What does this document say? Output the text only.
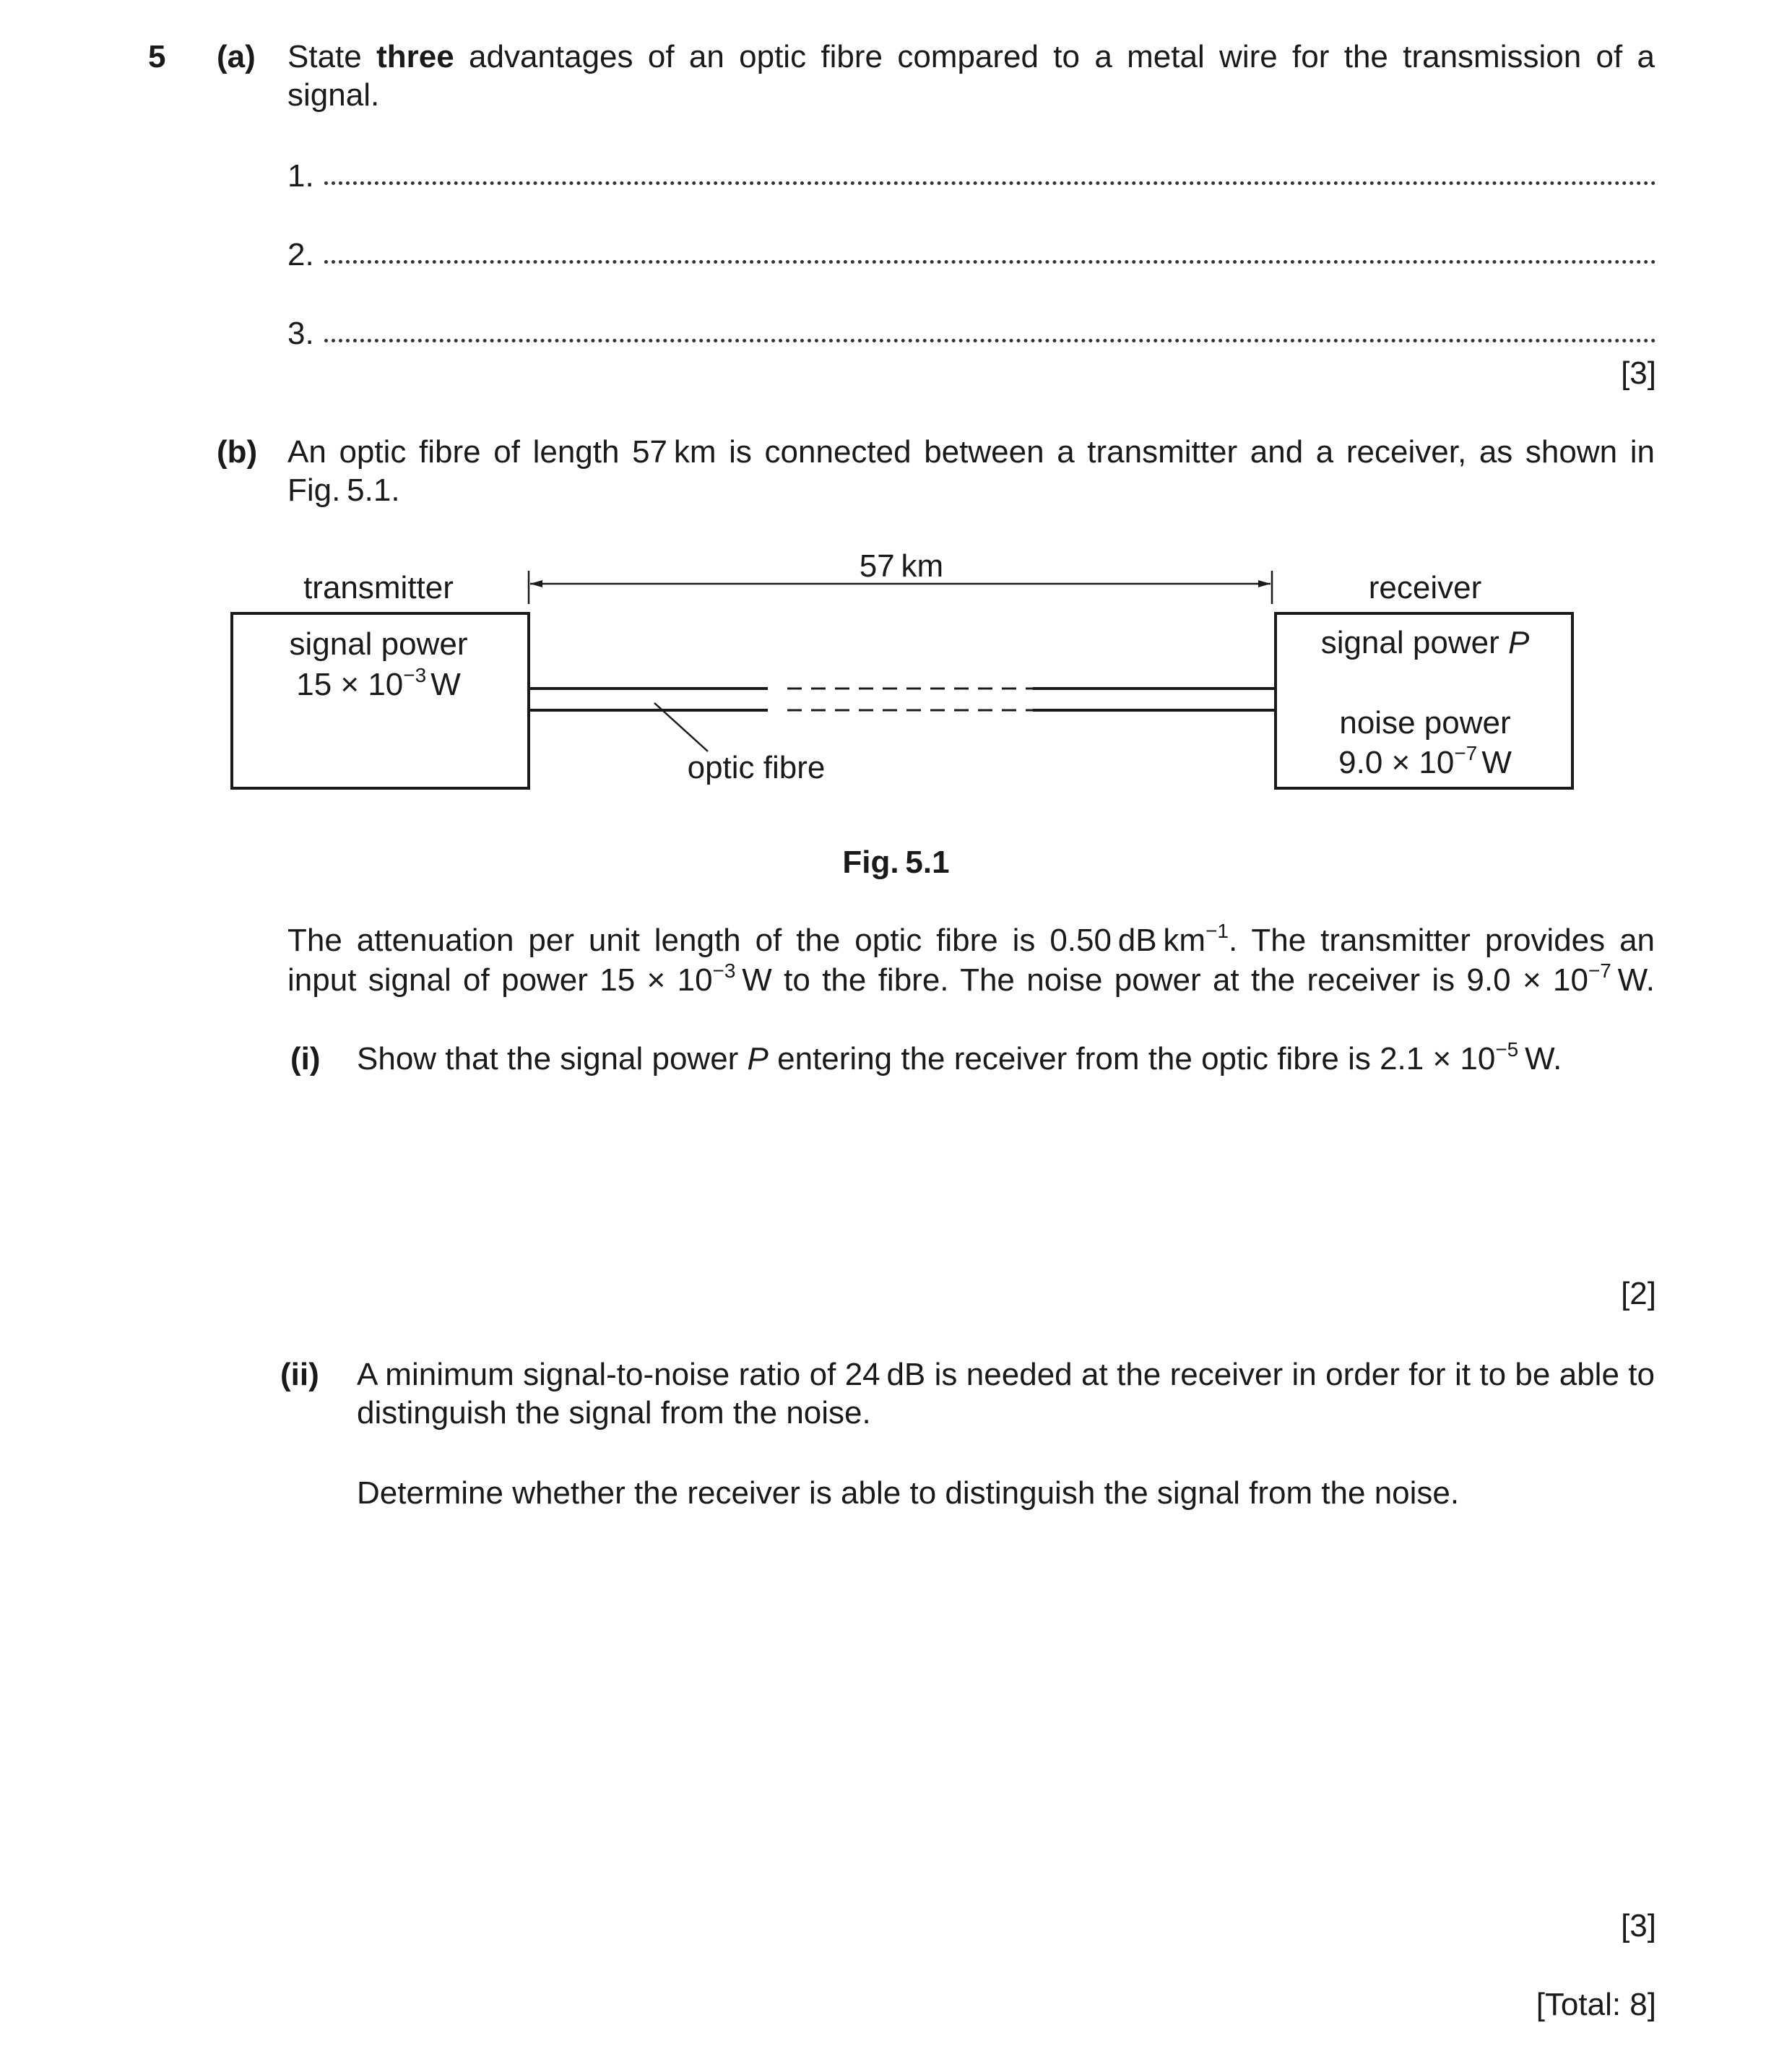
5 (a) State three advantages of an optic fibre compared to a metal wire for the transmission of a signal.
1.
2.
3.
[3]
(b) An optic fibre of length 57 km is connected between a transmitter and a receiver, as shown in Fig. 5.1.
57 km
transmitter
signal power
$15 \times 10^{-3}$ W
optic fibre
receiver
signal power P
noise power
$9.0 \times 10^{-7}$ W
Fig. 5.1
The attenuation per unit length of the optic fibre is 0.50 dB $km^{-1}$. The transmitter provides an
input signal of power $15 \times 10^{-3}$ W to the fibre. The noise power at the receiver is $9.0 \times 10^{-7}$ W.
(i) Show that the signal power P entering the receiver from the optic fibre is $2.1 \times 10^{-5}$ W.
[2]
(ii) A minimum signal-to-noise ratio of 24 dB is needed at the receiver in order for it to be able to distinguish the signal from the noise.
Determine whether the receiver is able to distinguish the signal from the noise.
[3]
[Total: 8]
